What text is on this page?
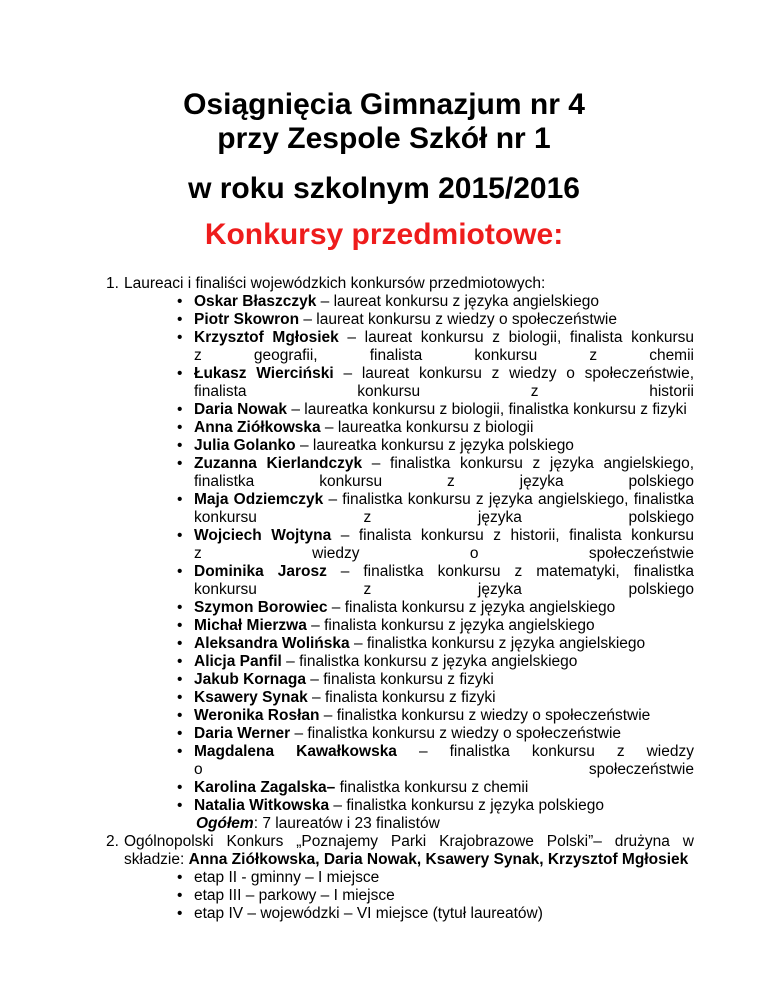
Osiągnięcia Gimnazjum nr 4
przy Zespole Szkół nr 1
w roku szkolnym 2015/2016
Konkursy przedmiotowe:
1. Laureaci i finaliści wojewódzkich konkursów przedmiotowych:
• Oskar Błaszczyk – laureat konkursu z języka angielskiego
• Piotr Skowron – laureat konkursu z wiedzy o społeczeństwie
• Krzysztof Mgłosiek – laureat konkursu z biologii, finalista konkursu
z geografii, finalista konkursu z chemii
• Łukasz Wierciński – laureat konkursu z wiedzy o społeczeństwie,
finalista konkursu z historii
• Daria Nowak – laureatka konkursu z biologii, finalistka konkursu z fizyki
• Anna Ziółkowska – laureatka konkursu z biologii
• Julia Golanko – laureatka konkursu z języka polskiego
• Zuzanna Kierlandczyk – finalistka konkursu z języka angielskiego,
finalistka konkursu z języka polskiego
• Maja Odziemczyk – finalistka konkursu z języka angielskiego, finalistka
konkursu z języka polskiego
• Wojciech Wojtyna – finalista konkursu z historii, finalista konkursu
z wiedzy o społeczeństwie
• Dominika Jarosz – finalistka konkursu z matematyki, finalistka
konkursu z języka polskiego
• Szymon Borowiec – finalista konkursu z języka angielskiego
• Michał Mierzwa – finalista konkursu z języka angielskiego
• Aleksandra Wolińska – finalistka konkursu z języka angielskiego
• Alicja Panfil – finalistka konkursu z języka angielskiego
• Jakub Kornaga – finalista konkursu z fizyki
• Ksawery Synak – finalista konkursu z fizyki
• Weronika Rosłan – finalistka konkursu z wiedzy o społeczeństwie
• Daria Werner – finalistka konkursu z wiedzy o społeczeństwie
• Magdalena Kawałkowska – finalistka konkursu z wiedzy
o społeczeństwie
• Karolina Zagalska– finalistka konkursu z chemii
• Natalia Witkowska – finalistka konkursu z języka polskiego
Ogółem: 7 laureatów i 23 finalistów
2. Ogólnopolski Konkurs „Poznajemy Parki Krajobrazowe Polski”– drużyna w składzie: Anna Ziółkowska, Daria Nowak, Ksawery Synak, Krzysztof Mgłosiek
• etap II - gminny – I miejsce
• etap III – parkowy – I miejsce
• etap IV – wojewódzki – VI miejsce (tytuł laureatów)
